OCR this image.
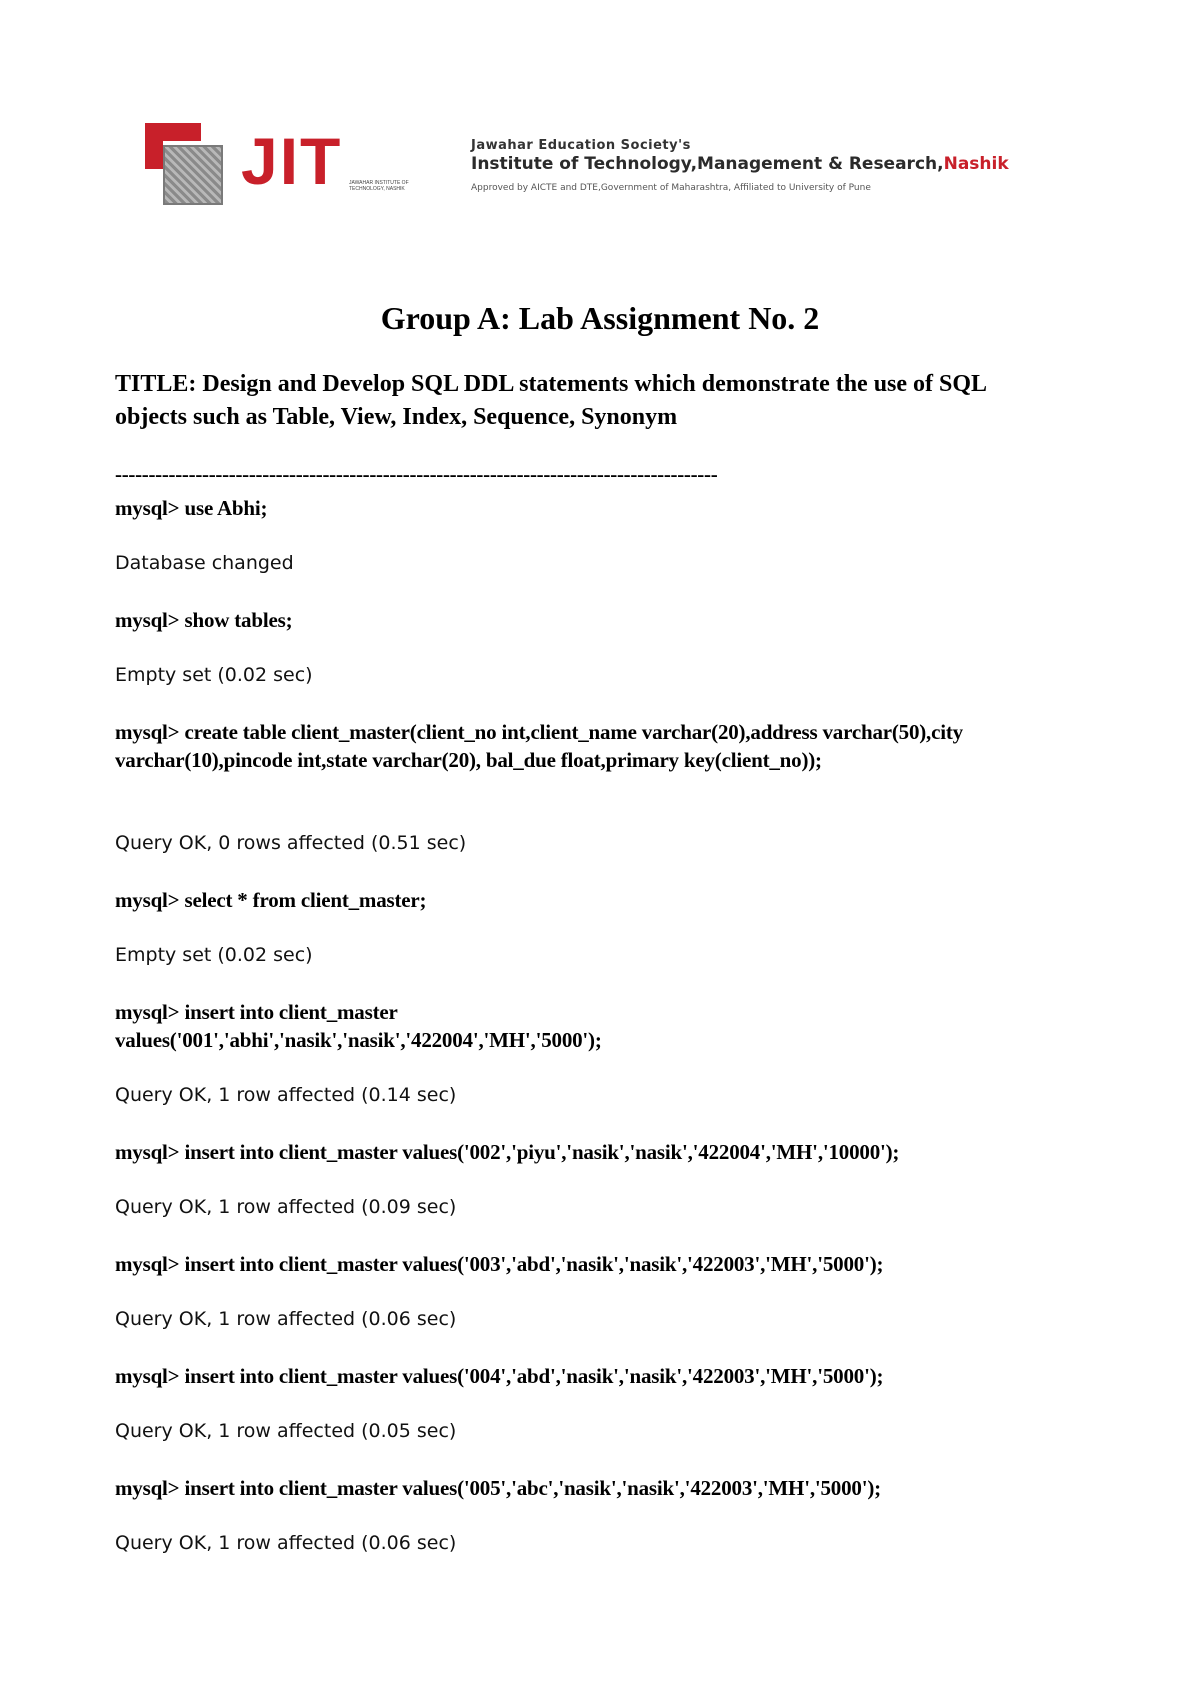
JIT JAWAHAR INSTITUTE OF TECHNOLOGY, NASHIK
Jawahar Education Society's
Institute of Technology,Management & Research,Nashik
Approved by AICTE and DTE,Government of Maharashtra, Affiliated to University of Pune
Group A: Lab Assignment No. 2
TITLE: Design and Develop SQL DDL statements which demonstrate the use of SQL objects such as Table, View, Index, Sequence, Synonym
------------------------------------------------------------------------------------------
mysql> use Abhi;
Database changed
mysql> show tables;
Empty set (0.02 sec)
mysql> create table client_master(client_no int,client_name varchar(20),address varchar(50),city varchar(10),pincode int,state varchar(20), bal_due float,primary key(client_no));
Query OK, 0 rows affected (0.51 sec)
mysql> select * from client_master;
Empty set (0.02 sec)
mysql> insert into client_master values('001','abhi','nasik','nasik','422004','MH','5000');
Query OK, 1 row affected (0.14 sec)
mysql> insert into client_master values('002','piyu','nasik','nasik','422004','MH','10000');
Query OK, 1 row affected (0.09 sec)
mysql> insert into client_master values('003','abd','nasik','nasik','422003','MH','5000');
Query OK, 1 row affected (0.06 sec)
mysql> insert into client_master values('004','abd','nasik','nasik','422003','MH','5000');
Query OK, 1 row affected (0.05 sec)
mysql> insert into client_master values('005','abc','nasik','nasik','422003','MH','5000');
Query OK, 1 row affected (0.06 sec)
